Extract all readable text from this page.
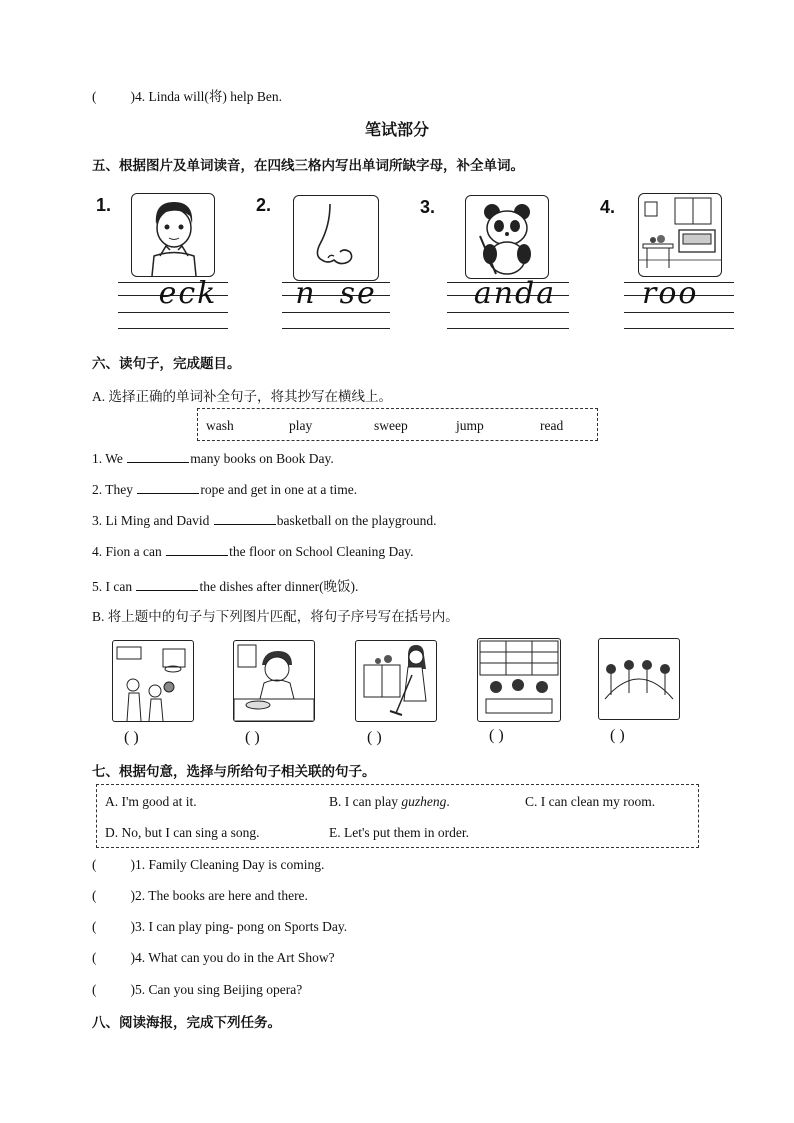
(	)4. Linda will(将) help Ben.
笔试部分
五、根据图片及单词读音，在四线三格内写出单词所缺字母，补全单词。
1.
eck
2.
n  se
3.
anda
4.
roo
六、读句子，完成题目。
A. 选择正确的单词补全句子，将其抄写在横线上。
wash	play	sweep	jump	read
1. We	many books on Book Day.
2. They	rope and get in one at a time.
3. Li Ming and David	basketball on the playground.
4. Fion a can	the floor on School Cleaning Day.
5. I can	the dishes after dinner(晚饭).
B. 将上题中的句子与下列图片匹配，将句子序号写在括号内。
( )	( )	( )	( )	( )
七、根据句意，选择与所给句子相关联的句子。
A. I'm good at it.	B. I can play guzheng.	C. I can clean my room.
D. No, but I can sing a song.	E. Let's put them in order.
(	)1. Family Cleaning Day is coming.
(	)2. The books are here and there.
(	)3. I can play ping- pong on Sports Day.
(	)4. What can you do in the Art Show?
(	)5. Can you sing Beijing opera?
八、阅读海报，完成下列任务。
